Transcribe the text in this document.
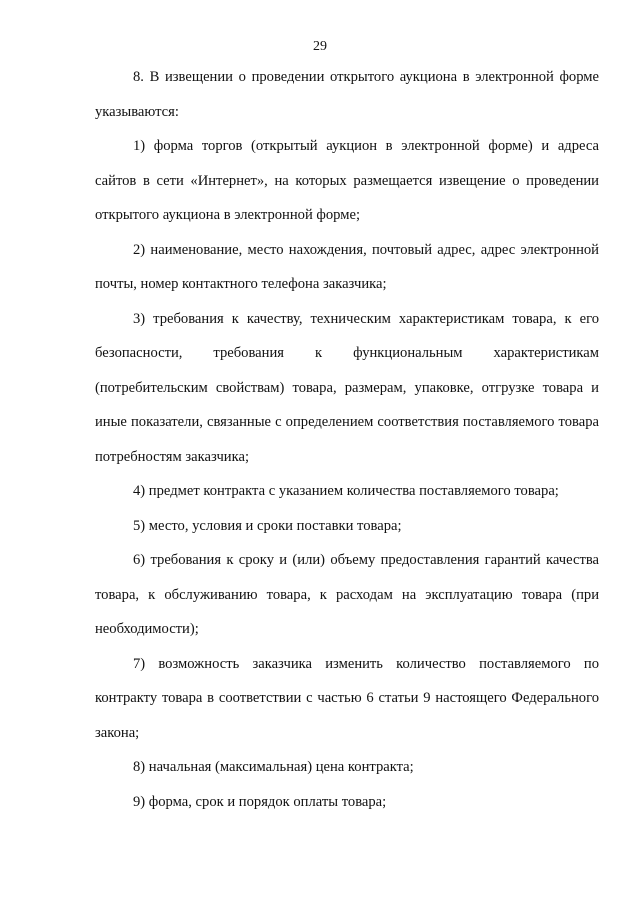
29

8. В извещении о проведении открытого аукциона в электронной форме указываются:

1) форма торгов (открытый аукцион в электронной форме) и адреса сайтов в сети «Интернет», на которых размещается извещение о проведении открытого аукциона в электронной форме;

2) наименование, место нахождения, почтовый адрес, адрес электронной почты, номер контактного телефона заказчика;

3) требования к качеству, техническим характеристикам товара, к его безопасности, требования к функциональным характеристикам (потребительским свойствам) товара, размерам, упаковке, отгрузке товара и иные показатели, связанные с определением соответствия поставляемого товара потребностям заказчика;

4) предмет контракта с указанием количества поставляемого товара;

5) место, условия и сроки поставки товара;

6) требования к сроку и (или) объему предоставления гарантий качества товара, к обслуживанию товара, к расходам на эксплуатацию товара (при необходимости);

7) возможность заказчика изменить количество поставляемого по контракту товара в соответствии с частью 6 статьи 9 настоящего Федерального закона;

8) начальная (максимальная) цена контракта;

9) форма, срок и порядок оплаты товара;
